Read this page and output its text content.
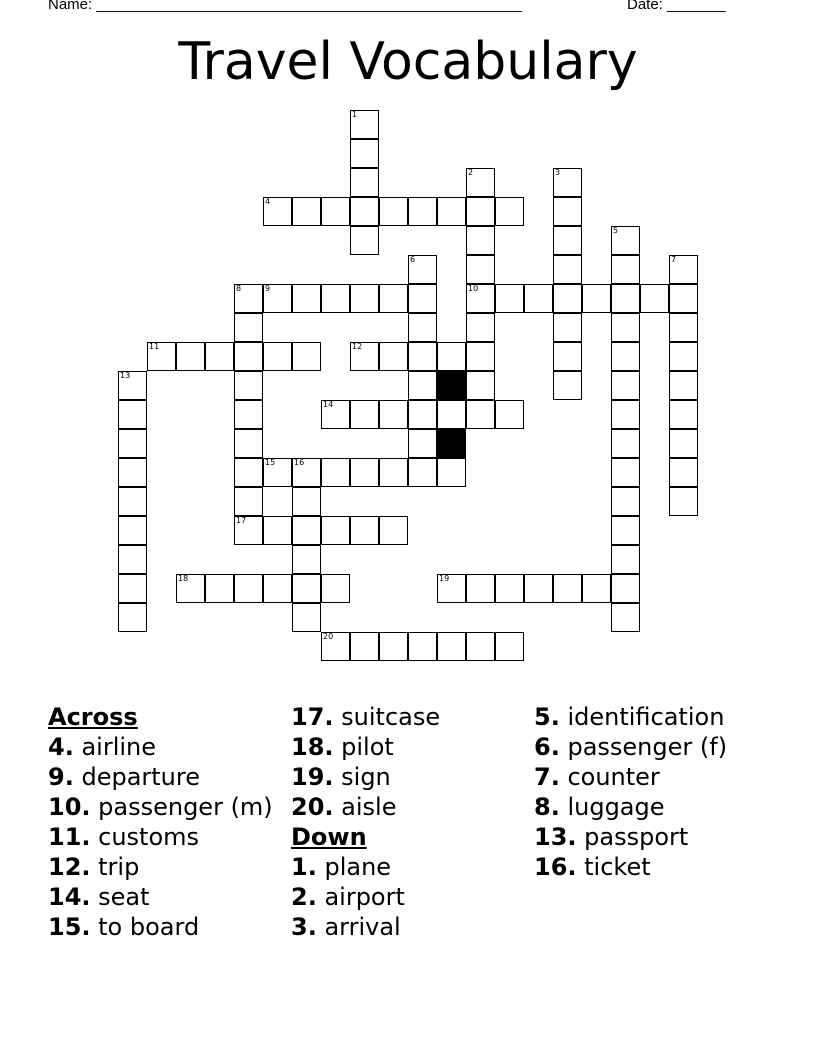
Name: ___________________________________________________	Date: _______
Travel Vocabulary
1
2
10
3
4
5
6	7
8	9
11	12
13
14
15 16
17
18	19
20
Across
4. airline
9. departure
10. passenger (m)
11. customs
12. trip
14. seat
15. to board
17. suitcase
18. pilot
19. sign
20. aisle
Down
1. plane
2. airport
3. arrival
5. identification
6. passenger (f)
7. counter
8. luggage
13. passport
16. ticket
